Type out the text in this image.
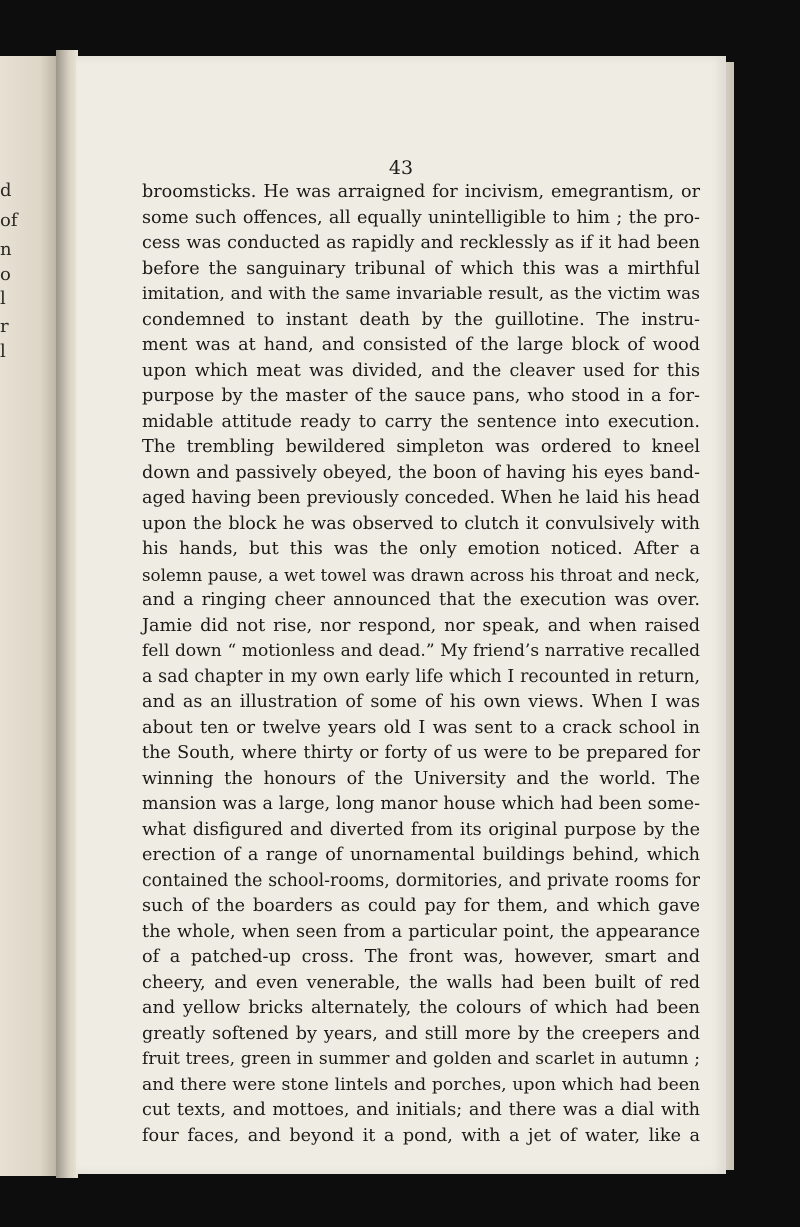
d
of
n
o
l
r
l

43

broomsticks. He was arraigned for incivism, emegrantism, or
some such offences, all equally unintelligible to him ; the pro-
cess was conducted as rapidly and recklessly as if it had been
before the sanguinary tribunal of which this was a mirthful
imitation, and with the same invariable result, as the victim was
condemned to instant death by the guillotine. The instru-
ment was at hand, and consisted of the large block of wood
upon which meat was divided, and the cleaver used for this
purpose by the master of the sauce pans, who stood in a for-
midable attitude ready to carry the sentence into execution.
The trembling bewildered simpleton was ordered to kneel
down and passively obeyed, the boon of having his eyes band-
aged having been previously conceded. When he laid his head
upon the block he was observed to clutch it convulsively with
his hands, but this was the only emotion noticed. After a
solemn pause, a wet towel was drawn across his throat and neck,
and a ringing cheer announced that the execution was over.
Jamie did not rise, nor respond, nor speak, and when raised
fell down “ motionless and dead.” My friend’s narrative recalled
a sad chapter in my own early life which I recounted in return,
and as an illustration of some of his own views. When I was
about ten or twelve years old I was sent to a crack school in
the South, where thirty or forty of us were to be prepared for
winning the honours of the University and the world. The
mansion was a large, long manor house which had been some-
what disfigured and diverted from its original purpose by the
erection of a range of unornamental buildings behind, which
contained the school-rooms, dormitories, and private rooms for
such of the boarders as could pay for them, and which gave
the whole, when seen from a particular point, the appearance
of a patched-up cross. The front was, however, smart and
cheery, and even venerable, the walls had been built of red
and yellow bricks alternately, the colours of which had been
greatly softened by years, and still more by the creepers and
fruit trees, green in summer and golden and scarlet in autumn ;
and there were stone lintels and porches, upon which had been
cut texts, and mottoes, and initials; and there was a dial with
four faces, and beyond it a pond, with a jet of water, like a
